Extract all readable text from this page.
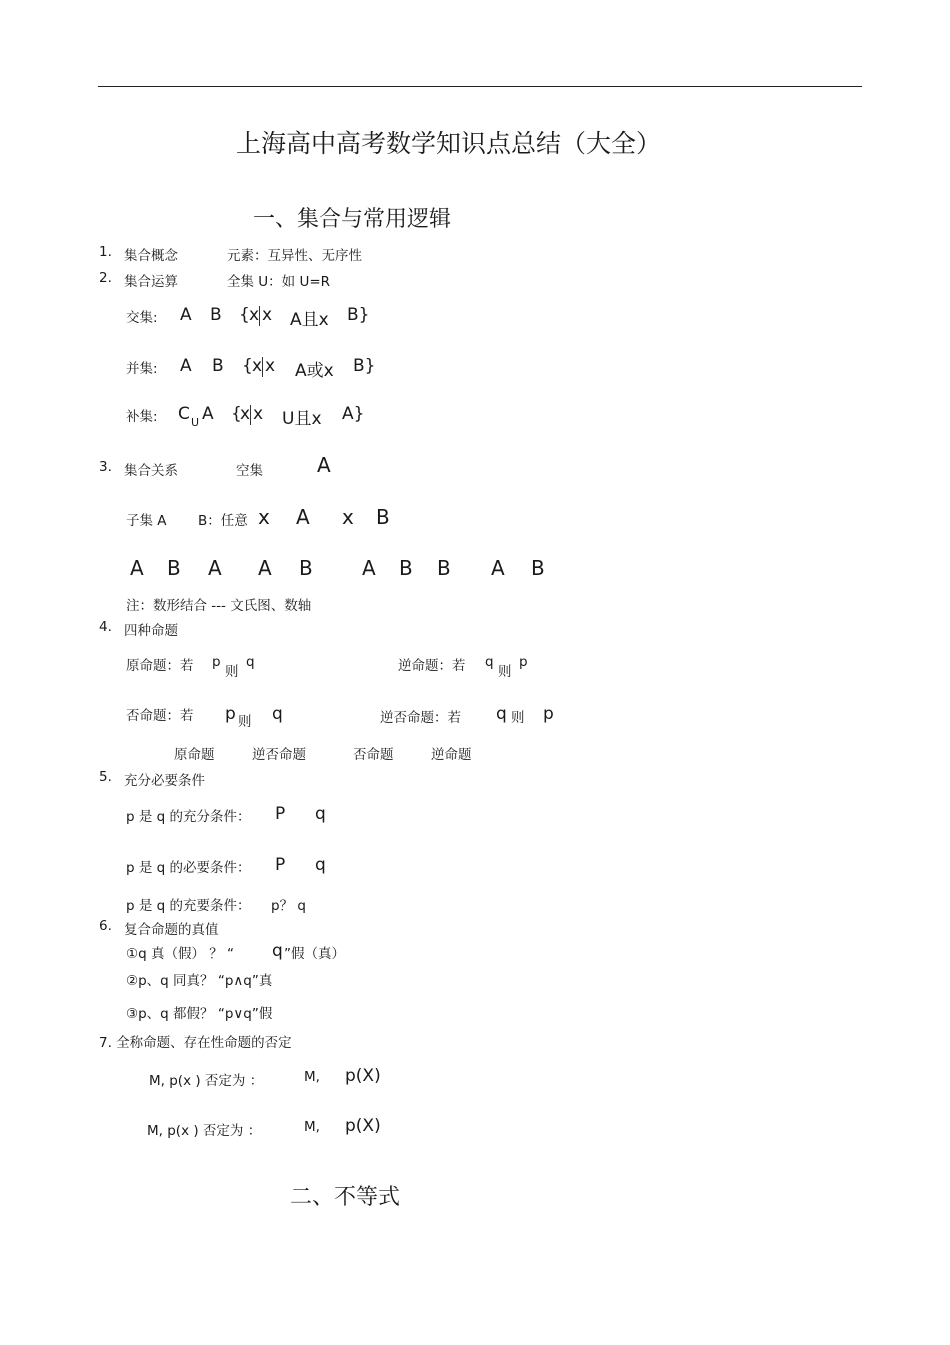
上海高中高考数学知识点总结（大全）
一、集合与常用逻辑
1. 集合概念	元素：互异性、无序性
2. 集合运算	全集 U：如 U=R
交集: A B { x x A且x B}
并集: A B { x x A或x B}
补集: C U A {
x x U且x A}
3. 集合关系	空集	A
子集 A B：任意 x A x B
A B A A B A B B A B
注：数形结合 --- 文氏图、数轴
4. 四种命题
原命题：若 p
则
q	逆命题：若 q
则
p
否命题：若 p 则 q	逆否命题：若 q 则 p
原命题	逆否命题	否命题	逆命题
5. 充分必要条件
p 是 q 的充分条件： P q
p 是 q 的必要条件： P q
p 是 q 的充要条件： p？ q
6. 复合命题的真值
①q 真（假） ？ “ q ”假（真）
②p、q 同真？ “p∧q”真
③p、q 都假？ “p∨q”假
7. 全称命题、存在性命题的否定
M, p(x ) 否定为 ：	M, p(X)
M, p(x ) 否定为 ：	M, p(X)
二、不等式
